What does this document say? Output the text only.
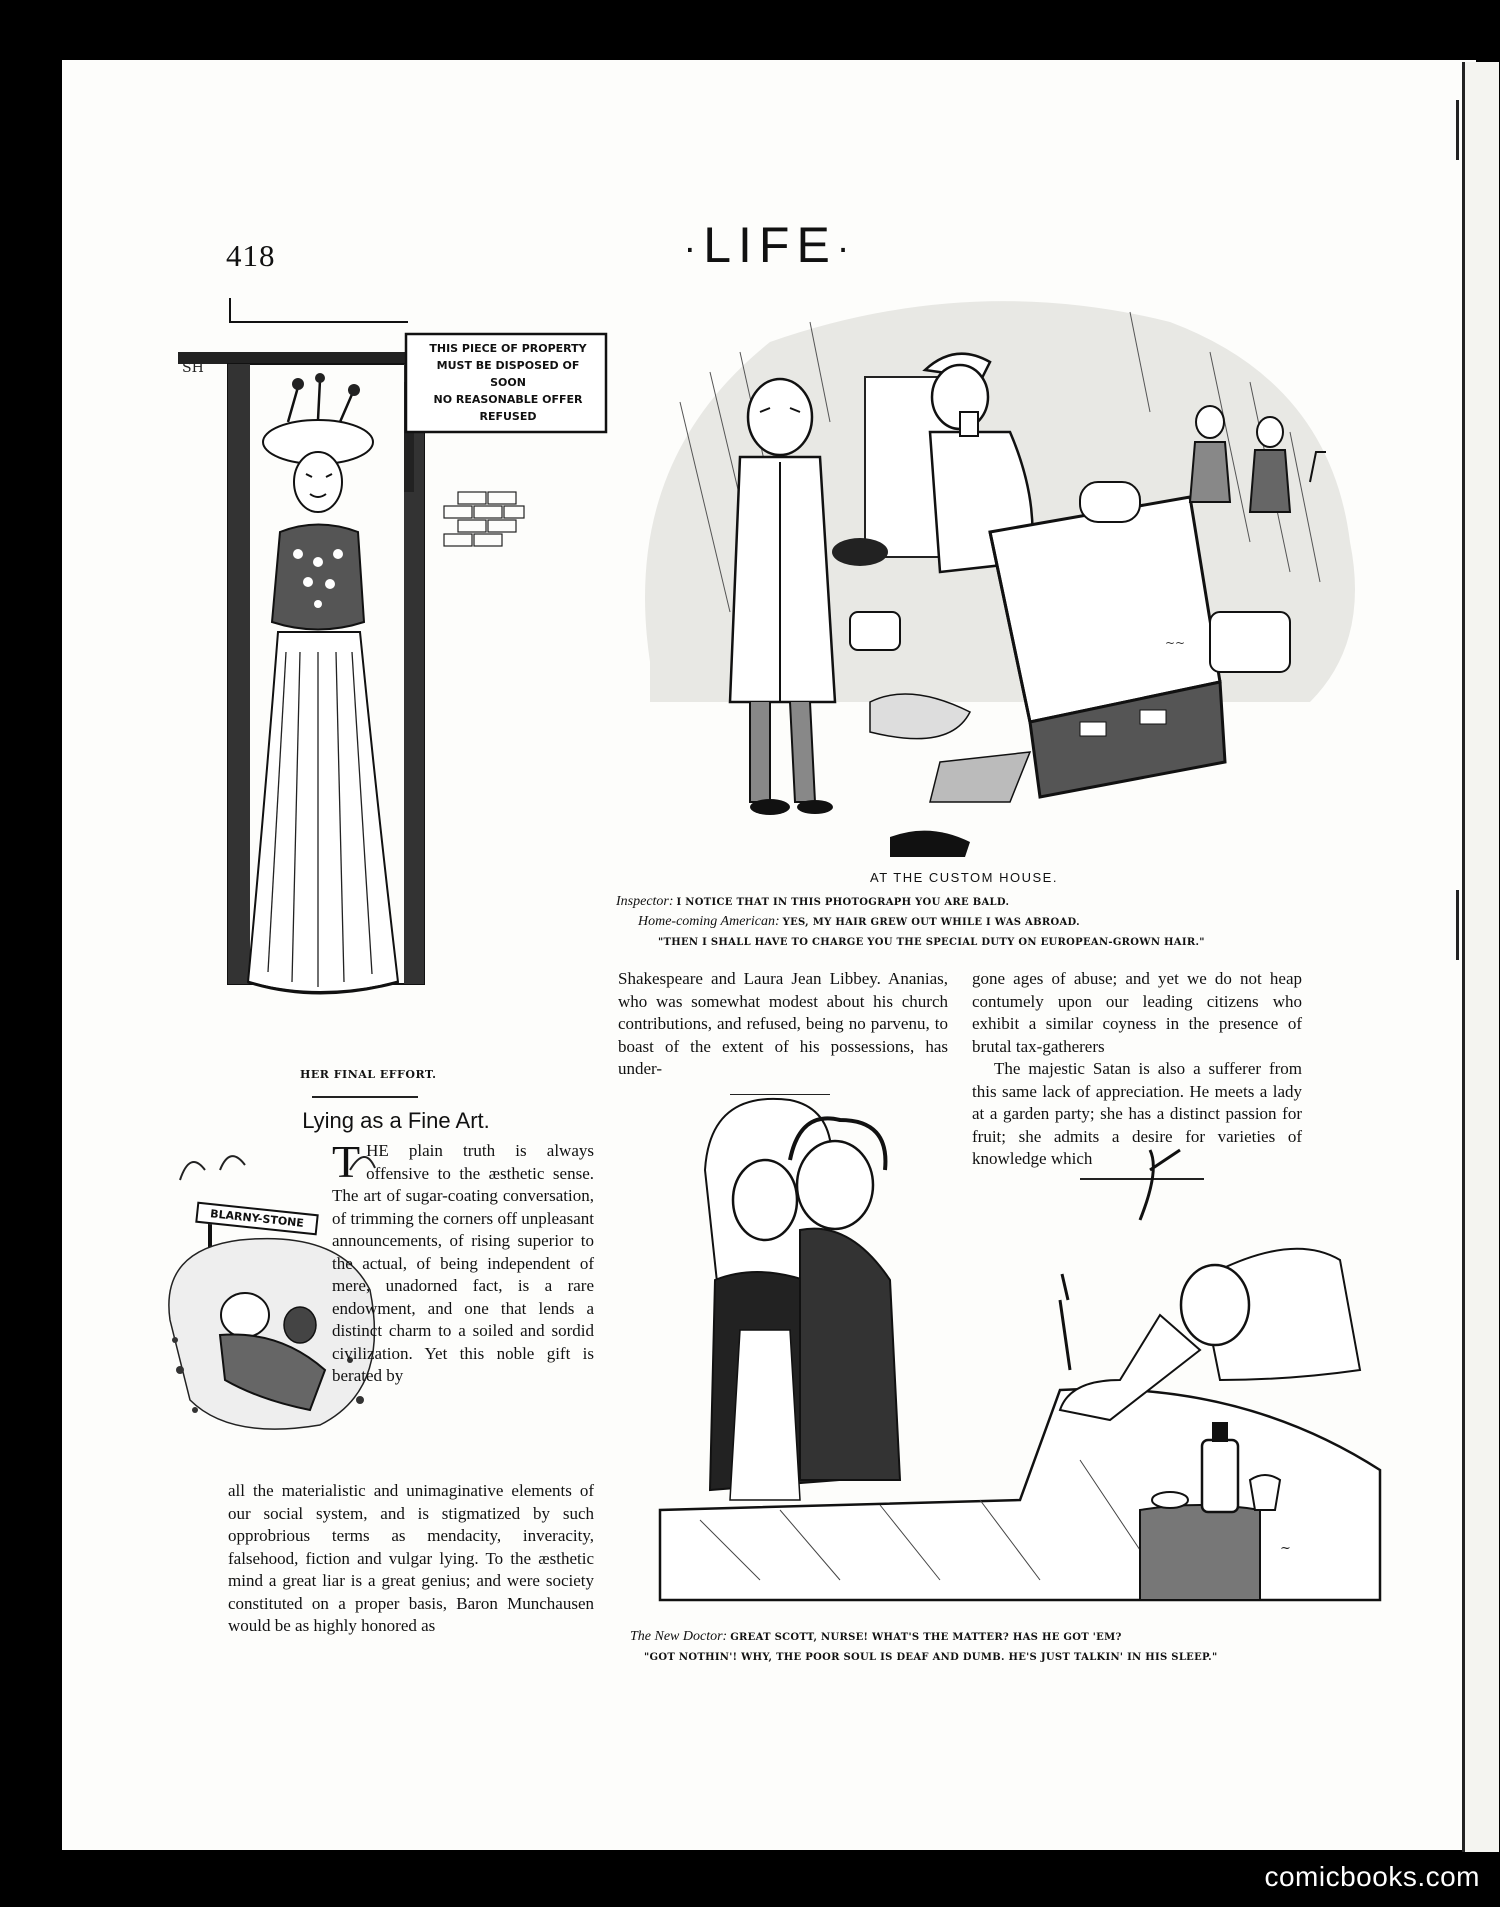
418	·LIFE·
SH
THIS PIECE OF PROPERTY
MUST BE DISPOSED OF
SOON
NO REASONABLE OFFER
REFUSED
HER FINAL EFFORT.
~~
AT THE CUSTOM HOUSE.
Inspector: I NOTICE THAT IN THIS PHOTOGRAPH YOU ARE BALD.
Home-coming American: YES, MY HAIR GREW OUT WHILE I WAS ABROAD.
"THEN I SHALL HAVE TO CHARGE YOU THE SPECIAL DUTY ON EUROPEAN-GROWN HAIR."

Shakespeare and Laura Jean Libbey. Ananias, who was somewhat modest about his church contributions, and refused, being no parvenu, to boast of the extent of his possessions, has under-

gone ages of abuse; and yet we do not heap contumely upon our leading citizens who exhibit a similar coyness in the presence of brutal tax-gatherers

The majestic Satan is also a sufferer from this same lack of appreciation. He meets a lady at a garden party; she has a distinct passion for fruit; she admits a desire for varieties of knowledge which

Lying as a Fine Art.
BLARNY-STONE
THE plain truth is always offensive to the æsthetic sense. The art of sugar-coating conversation, of trimming the corners off unpleasant announcements, of rising superior to the actual, of being independent of mere, unadorned fact, is a rare endowment, and one that lends a distinct charm to a soiled and sordid civilization. Yet this noble gift is berated by

all the materialistic and unimaginative elements of our social system, and is stigmatized by such opprobrious terms as mendacity, inveracity, falsehood, fiction and vulgar lying. To the æsthetic mind a great liar is a great genius; and were society constituted on a proper basis, Baron Munchausen would be as highly honored as

~
The New Doctor: GREAT SCOTT, NURSE! WHAT'S THE MATTER? HAS HE GOT 'EM?
"GOT NOTHIN'! WHY, THE POOR SOUL IS DEAF AND DUMB. HE'S JUST TALKIN' IN HIS SLEEP."
comicbooks.com
